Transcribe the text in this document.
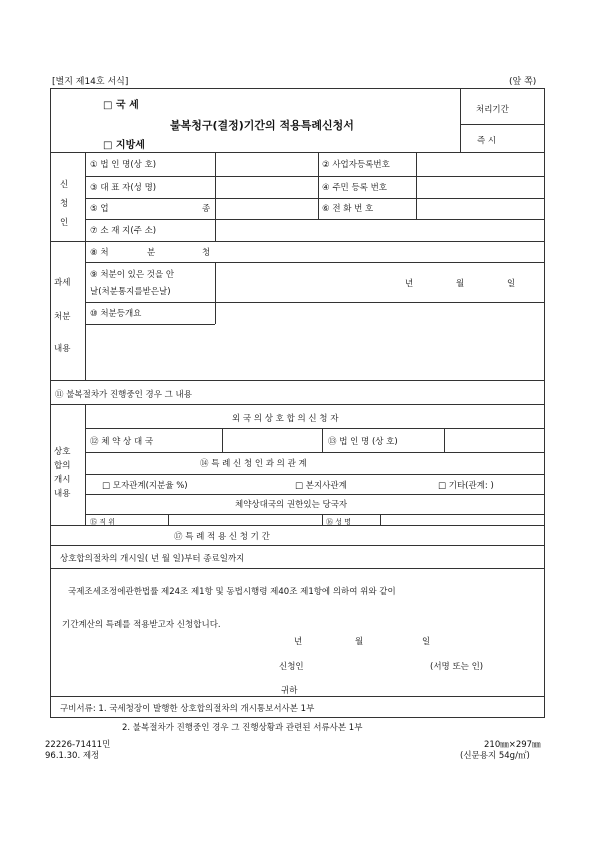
[별지 제14호 서식]	(앞 쪽)
□ 국 세
불복청구(결정)기간의 적용특례신청서
□ 지방세
처리기간
즉 시
신
청
인
① 법 인 명(상 호)	② 사업자등록번호
③ 대 표 자(성 명)	④ 주민 등록 번호
⑤ 업	종	⑥ 전 화 번 호
⑦ 소 재 지(주 소)
과세
처분
내용
⑧ 처	분	청
⑨ 처분이 있은 것을 안
날(처분통지를받은날)
년	월	일
⑩ 처분등개요
⑪ 불복절차가 진행중인 경우 그 내용
상호
합의
개시
내용
외 국 의 상 호 합 의 신 청 자
⑫ 체 약 상 대 국	⑬ 법 인 명 (상 호)
⑭ 특 례 신 청 인 과 의 관 계
□ 모자관계(지분율 %)	□ 본지사관계	□ 기타(관계: )
체약상대국의 권한있는 당국자
⑮ 직 위	⑯ 성 명
⑰ 특 례 적 용 신 청 기 간
상호합의절차의 개시일( 년 월 일)부터 종료일까지
국제조세조정에관한법률 제24조 제1항 및 동법시행령 제40조 제1항에 의하여 위와 같이
기간계산의 특례를 적용받고자 신청합니다.
년	월	일
신청인	(서명 또는 인)
귀하
구비서류: 1. 국세청장이 발행한 상호합의절차의 개시통보서사본 1부
2. 불복절차가 진행중인 경우 그 진행상황과 관련된 서류사본 1부
22226-71411민
96.1.30. 제정
210㎜×297㎜
(신문용지 54g/㎡)
